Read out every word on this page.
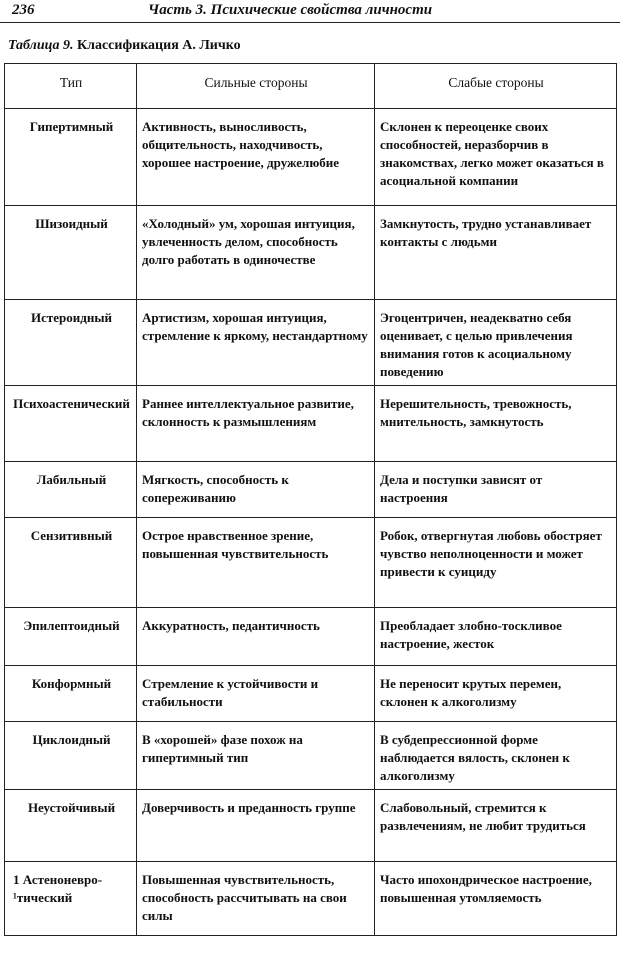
236	Часть 3. Психические свойства личности
Таблица 9. Классификация А. Личко
Тип	Сильные стороны	Слабые стороны
Гипертимный	Активность, выносливость, общительность, находчивость, хорошее настроение, дружелюбие	Склонен к переоценке своих способностей, неразборчив в знакомствах, легко может оказаться в асоциальной компании
Шизоидный	«Холодный» ум, хорошая интуиция, увлеченность делом, способность долго работать в одиночестве	Замкнутость, трудно устанавливает контакты с людьми
Истероидный	Артистизм, хорошая интуиция, стремление к яркому, нестандартному	Эгоцентричен, неадекватно себя оценивает, с целью привлечения внимания готов к асоциальному поведению
Психоастенический	Раннее интеллектуальное развитие, склонность к размышлениям	Нерешительность, тревожность, мнительность, замкнутость
Лабильный	Мягкость, способность к сопереживанию	Дела и поступки зависят от настроения
Сензитивный	Острое нравственное зрение, повышенная чувствительность	Робок, отвергнутая любовь обостряет чувство неполноценности и может привести к суициду
Эпилептоидный	Аккуратность, педантичность	Преобладает злобно-тоскливое настроение, жесток
Конформный	Стремление к устойчивости и стабильности	Не переносит крутых перемен, склонен к алкоголизму
Циклоидный	В «хорошей» фазе похож на гипертимный тип	В субдепрессионной форме наблюдается вялость, склонен к алкоголизму
Неустойчивый	Доверчивость и преданность группе	Слабовольный, стремится к развлечениям, не любит трудиться
1 Астеноневро-¹тический	Повышенная чувствительность, способность рассчитывать на свои силы	Часто ипохондрическое настроение, повышенная утомляемость
